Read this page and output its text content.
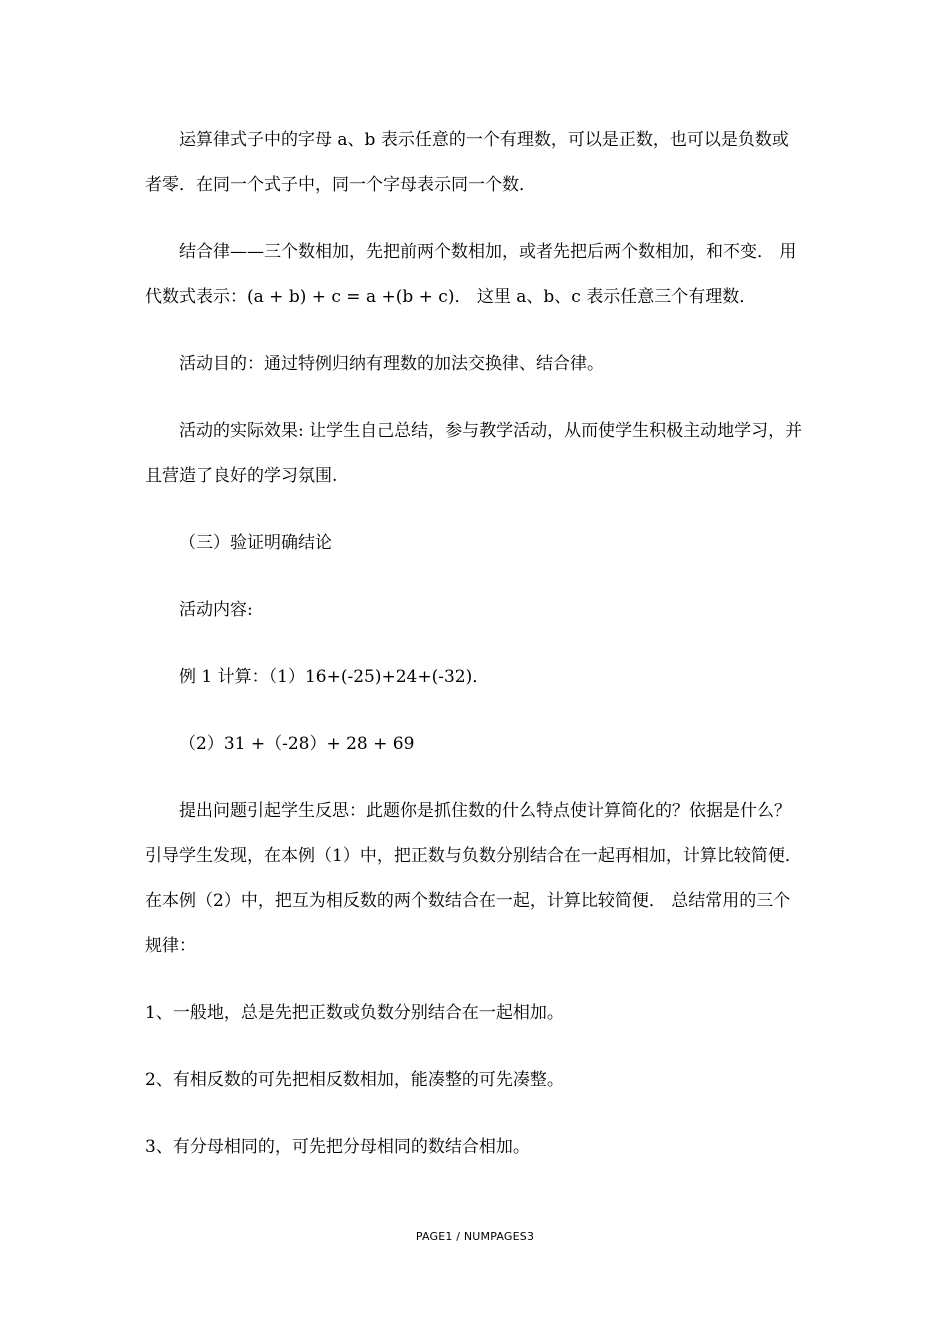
运算律式子中的字母 a、b 表示任意的一个有理数，可以是正数，也可以是负数或者零．在同一个式子中，同一个字母表示同一个数．

结合律——三个数相加，先把前两个数相加，或者先把后两个数相加，和不变． 用代数式表示：(a + b) + c = a +(b + c)． 这里 a、b、c 表示任意三个有理数．

活动目的：通过特例归纳有理数的加法交换律、结合律。

活动的实际效果: 让学生自己总结，参与教学活动，从而使学生积极主动地学习，并且营造了良好的学习氛围.

（三）验证明确结论

活动内容:

例 1 计算：（1）16+(-25)+24+(-32)．

（2）31 +（-28）+ 28 + 69

提出问题引起学生反思：此题你是抓住数的什么特点使计算简化的？依据是什么？ 引导学生发现，在本例（1）中，把正数与负数分别结合在一起再相加，计算比较简便． 在本例（2）中，把互为相反数的两个数结合在一起，计算比较简便． 总结常用的三个规律：

1、一般地，总是先把正数或负数分别结合在一起相加。

2、有相反数的可先把相反数相加，能凑整的可先凑整。

3、有分母相同的，可先把分母相同的数结合相加。

PAGE1 / NUMPAGES3
